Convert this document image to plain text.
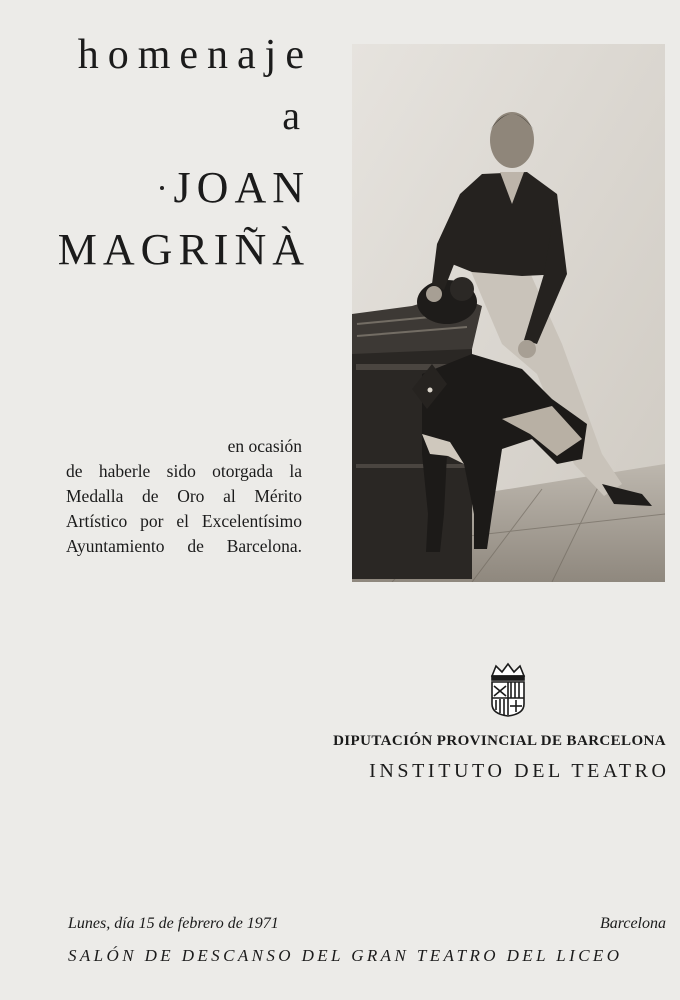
homenaje
a
JOAN
MAGRIÑÀ
en ocasión
de haberle sido otorgada la
Medalla de Oro al Mérito
Artístico por el Excelentísimo
Ayuntamiento de Barcelona.
DIPUTACIÓN PROVINCIAL DE BARCELONA
INSTITUTO DEL TEATRO
Lunes, día 15 de febrero de 1971	Barcelona
SALÓN DE DESCANSO DEL GRAN TEATRO DEL LICEO
